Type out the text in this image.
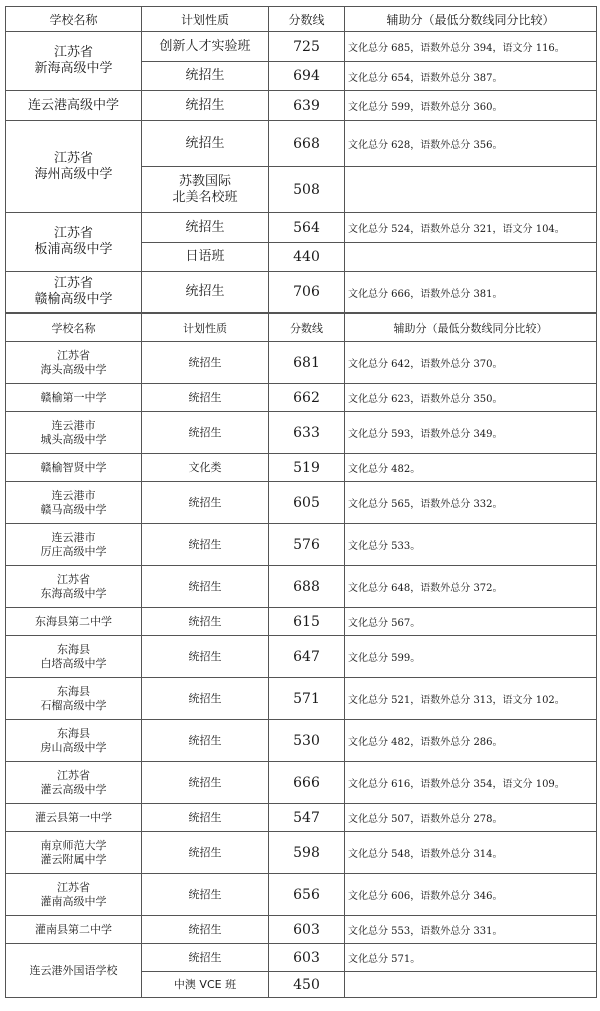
学校名称	计划性质	分数线	辅助分（最低分数线同分比较）

江苏省
新海高级中学	创新人才实验班	725	文化总分 685，语数外总分 394，语文分 116。

	统招生	694	文化总分 654，语数外总分 387。

连云港高级中学	统招生	639	文化总分 599，语数外总分 360。

江苏省
海州高级中学	统招生	668	文化总分 628，语数外总分 356。

	苏教国际
北美名校班	508	

江苏省
板浦高级中学	统招生	564	文化总分 524，语数外总分 321，语文分 104。

	日语班	440	

江苏省
赣榆高级中学	统招生	706	文化总分 666，语数外总分 381。
学校名称	计划性质	分数线	辅助分（最低分数线同分比较）

江苏省
海头高级中学	统招生	681	文化总分 642，语数外总分 370。

赣榆第一中学	统招生	662	文化总分 623，语数外总分 350。

连云港市
城头高级中学	统招生	633	文化总分 593，语数外总分 349。

赣榆智贤中学	文化类	519	文化总分 482。

连云港市
赣马高级中学	统招生	605	文化总分 565，语数外总分 332。

连云港市
厉庄高级中学	统招生	576	文化总分 533。

江苏省
东海高级中学	统招生	688	文化总分 648，语数外总分 372。

东海县第二中学	统招生	615	文化总分 567。

东海县
白塔高级中学	统招生	647	文化总分 599。

东海县
石榴高级中学	统招生	571	文化总分 521，语数外总分 313，语文分 102。

东海县
房山高级中学	统招生	530	文化总分 482，语数外总分 286。

江苏省
灌云高级中学	统招生	666	文化总分 616，语数外总分 354，语文分 109。

灌云县第一中学	统招生	547	文化总分 507，语数外总分 278。

南京师范大学
灌云附属中学	统招生	598	文化总分 548，语数外总分 314。

江苏省
灌南高级中学	统招生	656	文化总分 606，语数外总分 346。

灌南县第二中学	统招生	603	文化总分 553，语数外总分 331。

连云港外国语学校	统招生	603	文化总分 571。

	中澳 VCE 班	450	
